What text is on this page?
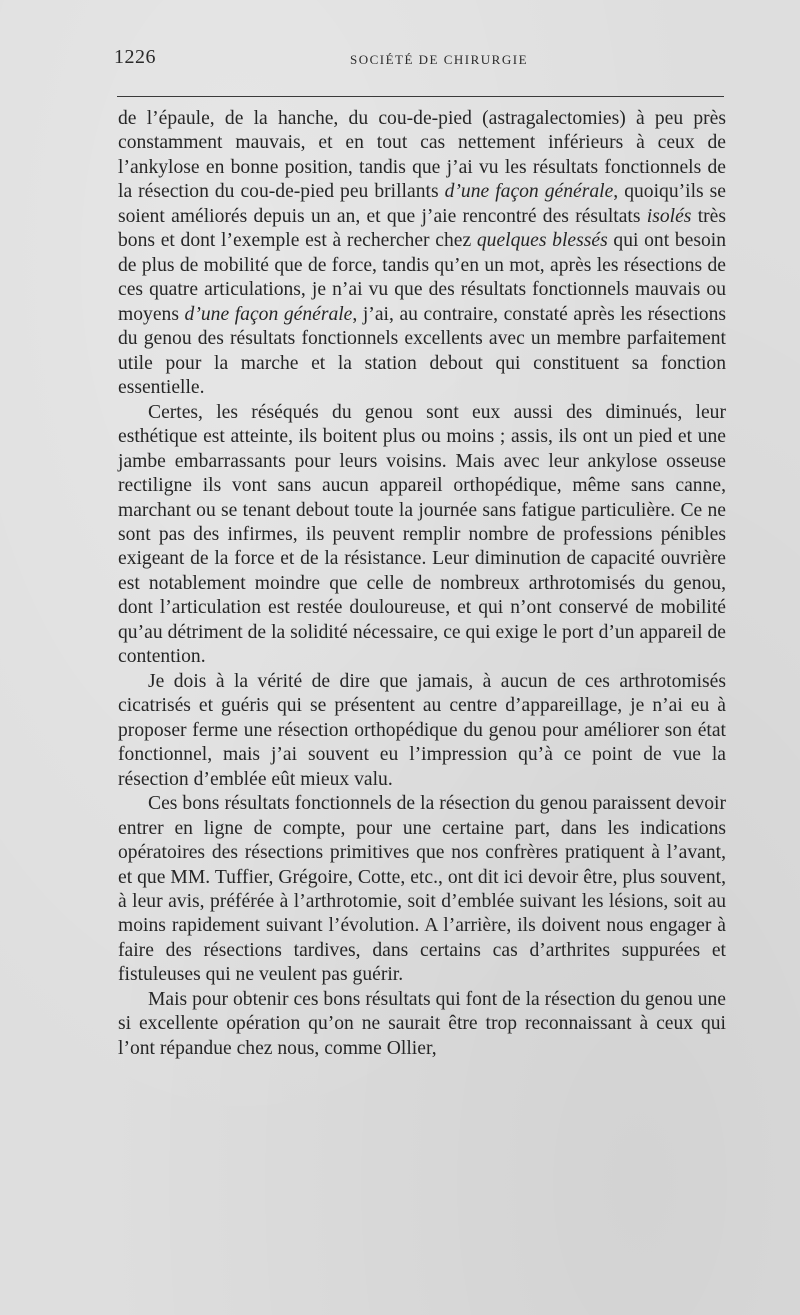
1226	SOCIÉTÉ DE CHIRURGIE

de l’épaule, de la hanche, du cou-de-pied (astragalectomies) à peu près constamment mauvais, et en tout cas nettement inférieurs à ceux de l’ankylose en bonne position, tandis que j’ai vu les résultats fonctionnels de la résection du cou-de-pied peu brillants d’une façon générale, quoiqu’ils se soient améliorés depuis un an, et que j’aie rencontré des résultats isolés très bons et dont l’exemple est à rechercher chez quelques blessés qui ont besoin de plus de mobilité que de force, tandis qu’en un mot, après les résections de ces quatre articulations, je n’ai vu que des résultats fonctionnels mauvais ou moyens d’une façon générale, j’ai, au contraire, constaté après les résections du genou des résultats fonctionnels excellents avec un membre parfaitement utile pour la marche et la station debout qui constituent sa fonction essentielle.

Certes, les réséqués du genou sont eux aussi des diminués, leur esthétique est atteinte, ils boitent plus ou moins ; assis, ils ont un pied et une jambe embarrassants pour leurs voisins. Mais avec leur ankylose osseuse rectiligne ils vont sans aucun appareil orthopédique, même sans canne, marchant ou se tenant debout toute la journée sans fatigue particulière. Ce ne sont pas des infirmes, ils peuvent remplir nombre de professions pénibles exigeant de la force et de la résistance. Leur diminution de capacité ouvrière est notablement moindre que celle de nombreux arthrotomisés du genou, dont l’articulation est restée douloureuse, et qui n’ont conservé de mobilité qu’au détriment de la solidité nécessaire, ce qui exige le port d’un appareil de contention.

Je dois à la vérité de dire que jamais, à aucun de ces arthrotomisés cicatrisés et guéris qui se présentent au centre d’appareillage, je n’ai eu à proposer ferme une résection orthopédique du genou pour améliorer son état fonctionnel, mais j’ai souvent eu l’impression qu’à ce point de vue la résection d’emblée eût mieux valu.

Ces bons résultats fonctionnels de la résection du genou paraissent devoir entrer en ligne de compte, pour une certaine part, dans les indications opératoires des résections primitives que nos confrères pratiquent à l’avant, et que MM. Tuffier, Grégoire, Cotte, etc., ont dit ici devoir être, plus souvent, à leur avis, préférée à l’arthrotomie, soit d’emblée suivant les lésions, soit au moins rapidement suivant l’évolution. A l’arrière, ils doivent nous engager à faire des résections tardives, dans certains cas d’arthrites suppurées et fistuleuses qui ne veulent pas guérir.

Mais pour obtenir ces bons résultats qui font de la résection du genou une si excellente opération qu’on ne saurait être trop reconnaissant à ceux qui l’ont répandue chez nous, comme Ollier,
